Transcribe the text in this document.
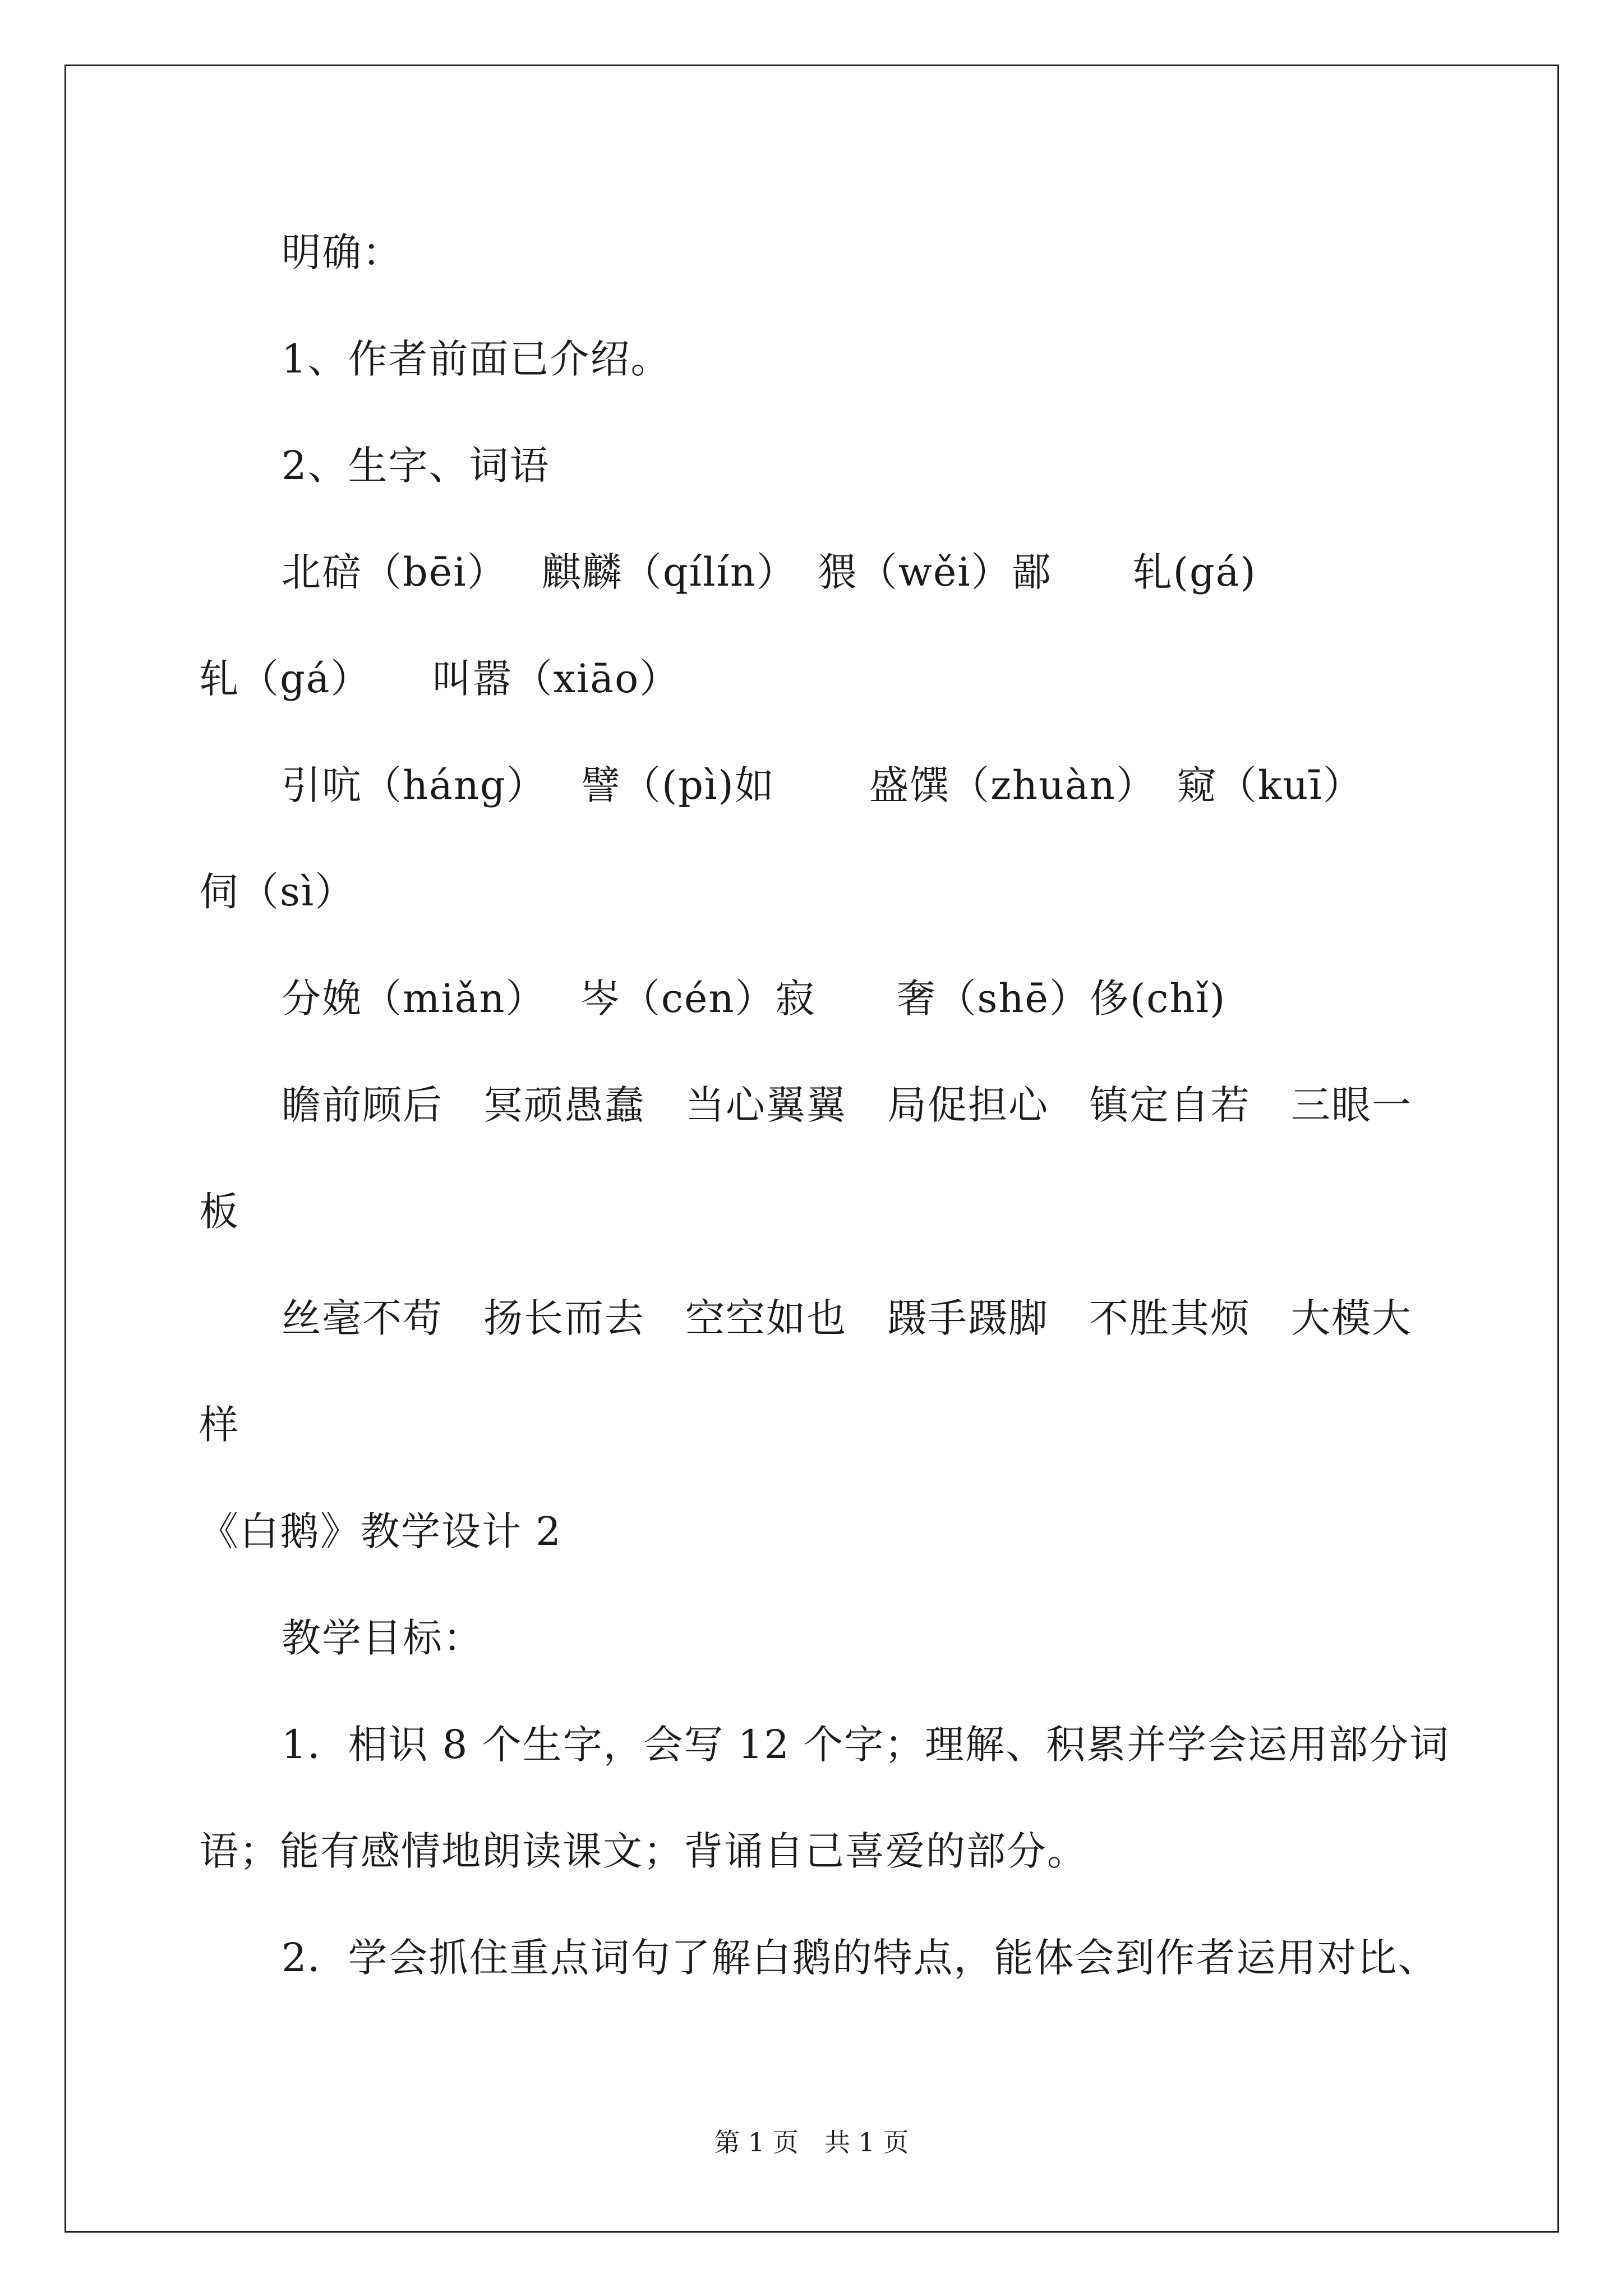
明确：
1、作者前面已介绍。
2、生字、词语
北碚（bēi）　 麒麟（qílín）　猥（wěi）鄙　　轧(gá)
轧（gá）　　叫嚣（xiāo）
引吭（háng）　 譬（(pì)如　　 盛馔（zhuàn）　窥（kuī）
伺（sì）
分娩（miǎn）　 岑（cén）寂　　奢（shē）侈(chǐ)
瞻前顾后　冥顽愚蠢　当心翼翼　局促担心　镇定自若　三眼一
板
丝毫不苟　扬长而去　空空如也　蹑手蹑脚　不胜其烦　大模大
样
《白鹅》教学设计 2
教学目标：
1．相识 8 个生字，会写 12 个字；理解、积累并学会运用部分词
语；能有感情地朗读课文；背诵自己喜爱的部分。
2．学会抓住重点词句了解白鹅的特点，能体会到作者运用对比、
第 1 页　共 1 页
